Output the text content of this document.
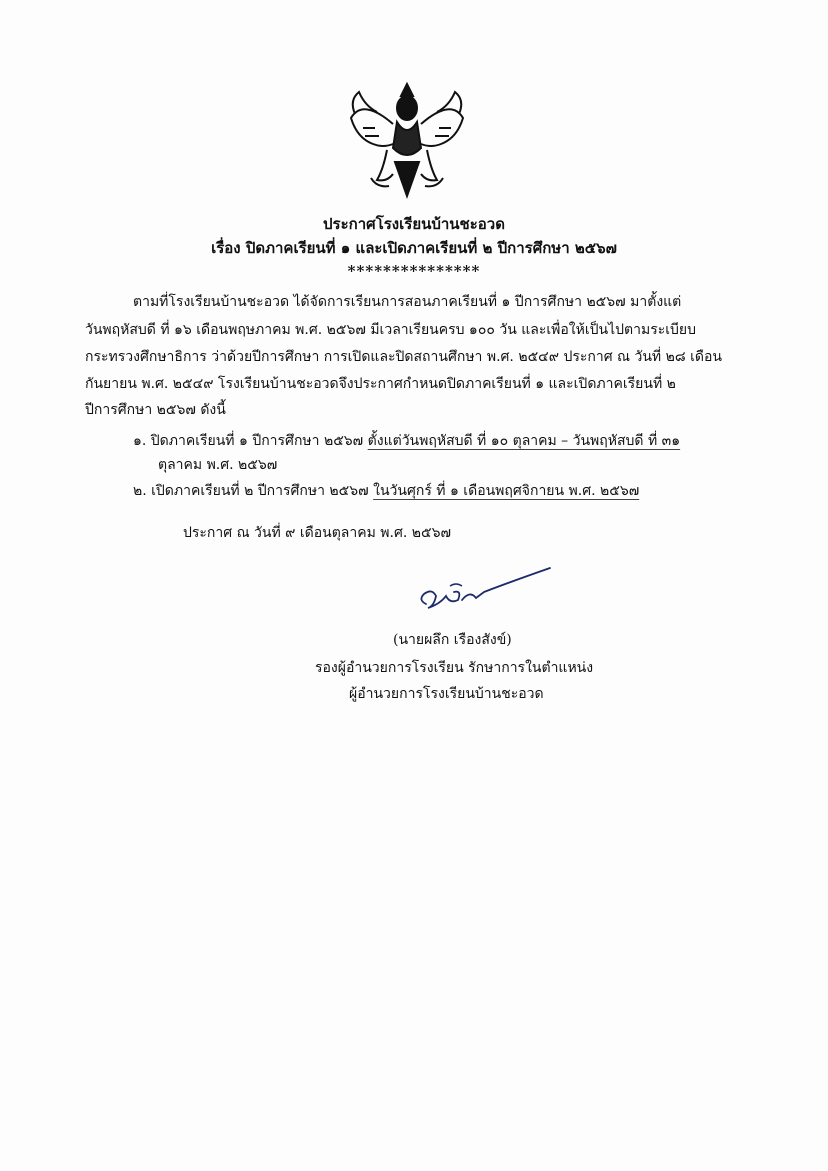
ประกาศโรงเรียนบ้านชะอวด
เรื่อง ปิดภาคเรียนที่ ๑ และเปิดภาคเรียนที่ ๒ ปีการศึกษา ๒๕๖๗
***************
ตามที่โรงเรียนบ้านชะอวด ได้จัดการเรียนการสอนภาคเรียนที่ ๑ ปีการศึกษา ๒๕๖๗ มาตั้งแต่
วันพฤหัสบดี ที่ ๑๖ เดือนพฤษภาคม พ.ศ. ๒๕๖๗ มีเวลาเรียนครบ ๑๐๐ วัน และเพื่อให้เป็นไปตามระเบียบ
กระทรวงศึกษาธิการ ว่าด้วยปีการศึกษา การเปิดและปิดสถานศึกษา พ.ศ. ๒๕๔๙ ประกาศ ณ วันที่ ๒๘ เดือน
กันยายน พ.ศ. ๒๕๔๙ โรงเรียนบ้านชะอวดจึงประกาศกำหนดปิดภาคเรียนที่ ๑ และเปิดภาคเรียนที่ ๒
ปีการศึกษา ๒๕๖๗ ดังนี้
๑. ปิดภาคเรียนที่ ๑ ปีการศึกษา ๒๕๖๗ ตั้งแต่วันพฤหัสบดี ที่ ๑๐ ตุลาคม – วันพฤหัสบดี ที่ ๓๑
ตุลาคม พ.ศ. ๒๕๖๗
๒. เปิดภาคเรียนที่ ๒ ปีการศึกษา ๒๕๖๗ ในวันศุกร์ ที่ ๑ เดือนพฤศจิกายน พ.ศ. ๒๕๖๗
ประกาศ ณ วันที่ ๙ เดือนตุลาคม พ.ศ. ๒๕๖๗
(นายผลึก เรืองสังข์)
รองผู้อำนวยการโรงเรียน รักษาการในตำแหน่ง
ผู้อำนวยการโรงเรียนบ้านชะอวด
